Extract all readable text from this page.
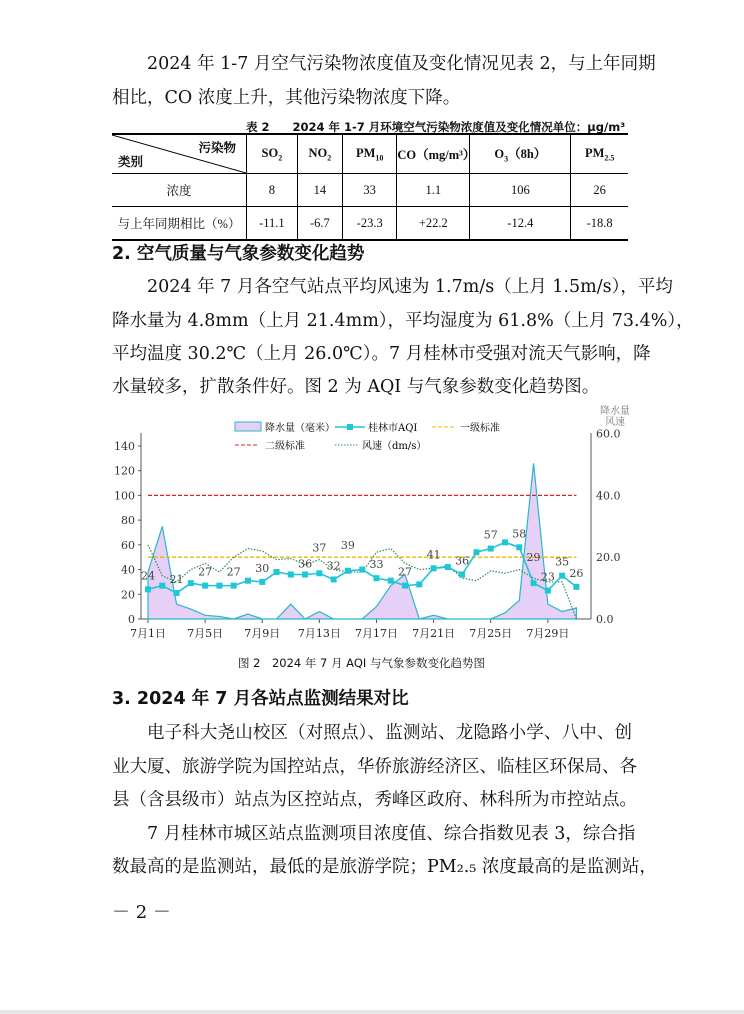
2024 年 1-7 月空气污染物浓度值及变化情况见表 2，与上年同期
相比，CO 浓度上升，其他污染物浓度下降。
表 2　　2024 年 1-7 月环境空气污染物浓度值及变化情况单位：μg/m³
污染物
类别	$SO_2$	$NO_2$	$PM_{10}$	CO（mg/m³）	$O_3(8h)$	$PM_{2.5}$
浓度	8	14	33	1.1	106	26
与上年同期相比（%）	-11.1	-6.7	-23.3	+22.2	-12.4	-18.8
2. 空气质量与气象参数变化趋势
2024 年 7 月各空气站点平均风速为 1.7m/s（上月 1.5m/s），平均
降水量为 4.8mm（上月 21.4mm），平均湿度为 61.8%（上月 73.4%），
平均温度 30.2℃（上月 26.0℃）。7 月桂林市受强对流天气影响，降
水量较多，扩散条件好。图 2 为 AQI 与气象参数变化趋势图。
0
20
40
60
80
100
120
140
0.0
20.0
40.0
60.0
降水量
风速
7月1日 7月5日 7月9日 7月13日 7月17日 7月21日 7月25日 7月29日
24 21
27 27 30	36
37
32
39
33
27
41 36
57 58
29
23
35
26
降水量（毫米）	桂林市AQI	一级标准
二级标准	风速（dm/s）
图 2　2024 年 7 月 AQI 与气象参数变化趋势图
3. 2024 年 7 月各站点监测结果对比
电子科大尧山校区（对照点）、监测站、龙隐路小学、八中、创
业大厦、旅游学院为国控站点，华侨旅游经济区、临桂区环保局、各
县（含县级市）站点为区控站点，秀峰区政府、林科所为市控站点。
7 月桂林市城区站点监测项目浓度值、综合指数见表 3，综合指
数最高的是监测站，最低的是旅游学院；PM₂.₅ 浓度最高的是监测站，
－ 2 －
